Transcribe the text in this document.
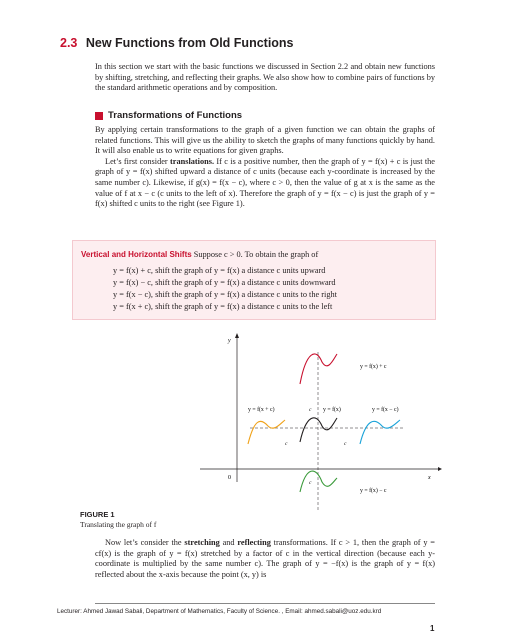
2.3 New Functions from Old Functions

In this section we start with the basic functions we discussed in Section 2.2 and obtain new functions by shifting, stretching, and reflecting their graphs. We also show how to combine pairs of functions by the standard arithmetic operations and by composition.

Transformations of Functions

By applying certain transformations to the graph of a given function we can obtain the graphs of related functions. This will give us the ability to sketch the graphs of many functions quickly by hand. It will also enable us to write equations for given graphs.

Let’s first consider translations. If c is a positive number, then the graph of y = f(x) + c is just the graph of y = f(x) shifted upward a distance of c units (because each y-coordinate is increased by the same number c). Likewise, if g(x) = f(x − c), where c > 0, then the value of g at x is the same as the value of f at x − c (c units to the left of x). Therefore the graph of y = f(x − c) is just the graph of y = f(x) shifted c units to the right (see Figure 1).

Vertical and Horizontal Shifts Suppose c > 0. To obtain the graph of
y = f(x) + c, shift the graph of y = f(x) a distance c units upward
y = f(x) − c, shift the graph of y = f(x) a distance c units downward
y = f(x − c), shift the graph of y = f(x) a distance c units to the right
y = f(x + c), shift the graph of y = f(x) a distance c units to the left
y
x
0
c
c	c
c
y = f(x) + c
y = f(x + c)	y = f(x)	y = f(x − c)
y = f(x) − c
FIGURE 1
Translating the graph of f

Now let’s consider the stretching and reflecting transformations. If c > 1, then the graph of y = cf(x) is the graph of y = f(x) stretched by a factor of c in the vertical direction (because each y-coordinate is multiplied by the same number c). The graph of y = −f(x) is the graph of y = f(x) reflected about the x-axis because the point (x, y) is

Lecturer: Ahmed Jawad Sabali, Department of Mathematics, Faculty of Science. , Email: ahmed.sabali@uoz.edu.krd
1
